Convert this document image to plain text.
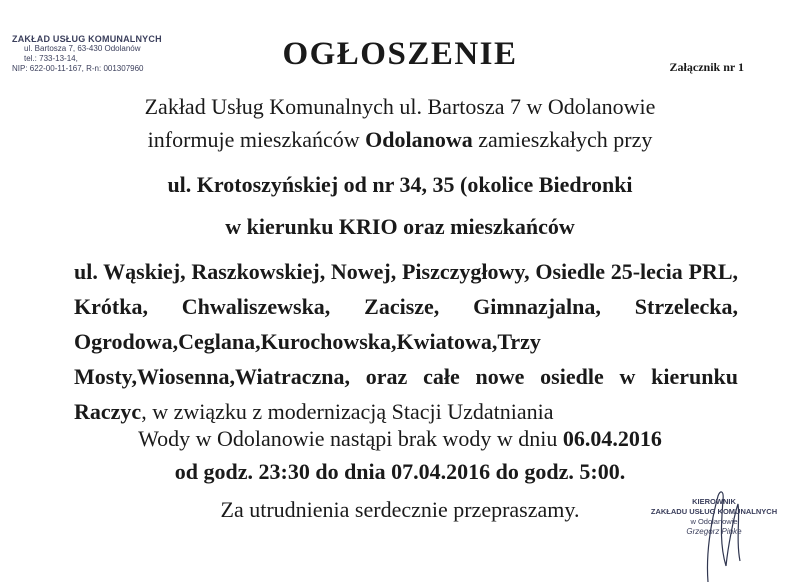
ZAKŁAD USŁUG KOMUNALNYCH
ul. Bartosza 7, 63-430 Odolanów
tel.: 733-13-14,
NIP: 622-00-11-167, R-n: 001307960	OGŁOSZENIE	Załącznik nr 1
Zakład Usług Komunalnych ul. Bartosza 7 w Odolanowie
informuje mieszkańców Odolanowa zamieszkałych przy
ul. Krotoszyńskiej od nr 34, 35 (okolice Biedronki
w kierunku KRIO oraz mieszkańców
ul. Wąskiej, Raszkowskiej, Nowej, Piszczygłowy, Osiedle 25-lecia PRL, Krótka, Chwaliszewska, Zacisze, Gimnazjalna, Strzelecka, Ogrodowa,Ceglana,Kurochowska,Kwiatowa,Trzy Mosty,Wiosenna,Wiatraczna, oraz całe nowe osiedle w kierunku Raczyc, w związku z modernizacją Stacji Uzdatniania
Wody w Odolanowie nastąpi brak wody w dniu 06.04.2016
od godz. 23:30 do dnia 07.04.2016 do godz. 5:00.
Za utrudnienia serdecznie przepraszamy.	KIEROWNIK
ZAKŁADU USŁUG KOMUNALNYCH
w Odolanowie
Grzegorz Pinke
